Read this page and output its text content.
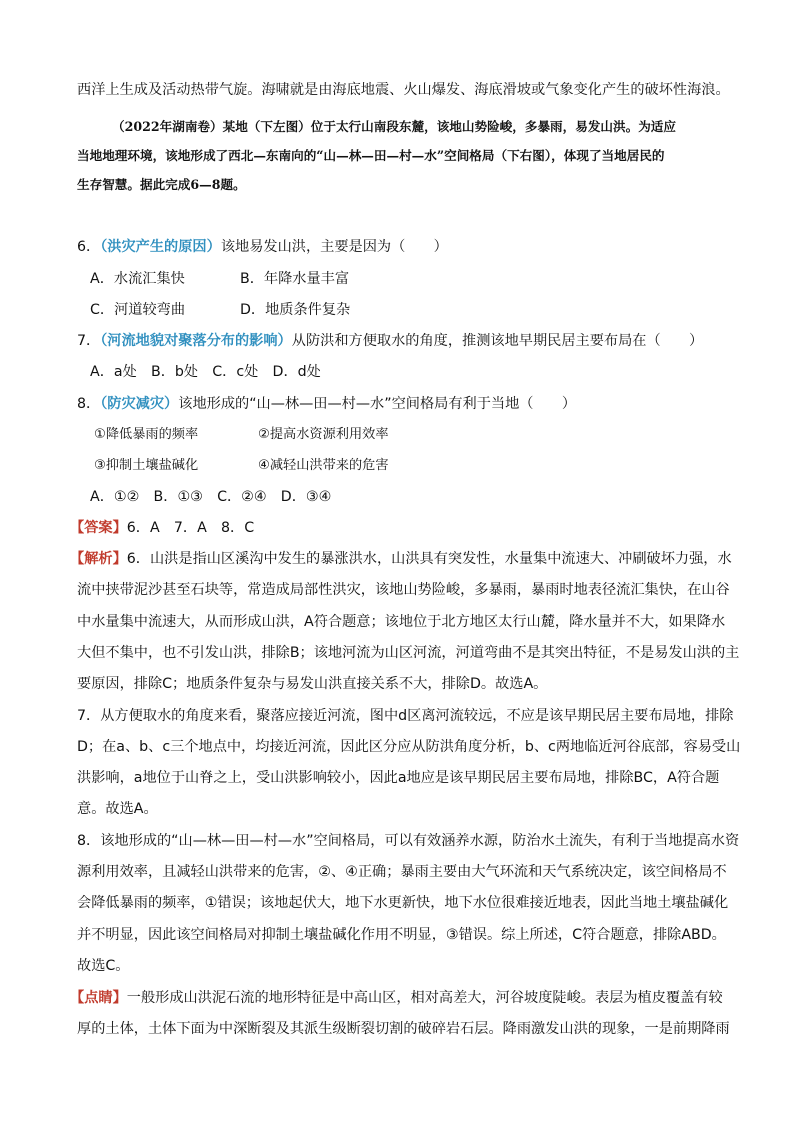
西洋上生成及活动热带气旋。海啸就是由海底地震、火山爆发、海底滑坡或气象变化产生的破坏性海浪。
（2022年湖南卷）某地（下左图）位于太行山南段东麓，该地山势险峻，多暴雨，易发山洪。为适应
当地地理环境，该地形成了西北—东南向的“山—林—田—村—水”空间格局（下右图），体现了当地居民的
生存智慧。据此完成6—8题。
6．（洪灾产生的原因）该地易发山洪，主要是因为（　　）
A．水流汇集快	B．年降水量丰富
C．河道较弯曲	D．地质条件复杂
7．（河流地貌对聚落分布的影响）从防洪和方便取水的角度，推测该地早期民居主要布局在（　　）
A．a处　B．b处　C．c处　D．d处
8．（防灾减灾）该地形成的“山—林—田—村—水”空间格局有利于当地（　　）
①降低暴雨的频率	②提高水资源利用效率
③抑制土壤盐碱化	④减轻山洪带来的危害
A．①②　B．①③　C．②④　D．③④
【答案】6．A　7．A　8．C
【解析】6．山洪是指山区溪沟中发生的暴涨洪水，山洪具有突发性，水量集中流速大、冲刷破坏力强，水
流中挟带泥沙甚至石块等，常造成局部性洪灾，该地山势险峻，多暴雨，暴雨时地表径流汇集快，在山谷
中水量集中流速大，从而形成山洪，A符合题意；该地位于北方地区太行山麓，降水量并不大，如果降水
大但不集中，也不引发山洪，排除B；该地河流为山区河流，河道弯曲不是其突出特征，不是易发山洪的主
要原因，排除C；地质条件复杂与易发山洪直接关系不大，排除D。故选A。
7．从方便取水的角度来看，聚落应接近河流，图中d区离河流较远，不应是该早期民居主要布局地，排除
D；在a、b、c三个地点中，均接近河流，因此区分应从防洪角度分析，b、c两地临近河谷底部，容易受山
洪影响，a地位于山脊之上，受山洪影响较小，因此a地应是该早期民居主要布局地，排除BC，A符合题
意。故选A。
8．该地形成的“山—林—田—村—水”空间格局，可以有效涵养水源，防治水土流失，有利于当地提高水资
源利用效率，且减轻山洪带来的危害，②、④正确；暴雨主要由大气环流和天气系统决定，该空间格局不
会降低暴雨的频率，①错误；该地起伏大，地下水更新快，地下水位很难接近地表，因此当地土壤盐碱化
并不明显，因此该空间格局对抑制土壤盐碱化作用不明显，③错误。综上所述，C符合题意，排除ABD。
故选C。
【点睛】一般形成山洪泥石流的地形特征是中高山区，相对高差大，河谷坡度陡峻。表层为植皮覆盖有较
厚的土体，土体下面为中深断裂及其派生级断裂切割的破碎岩石层。降雨激发山洪的现象，一是前期降雨
